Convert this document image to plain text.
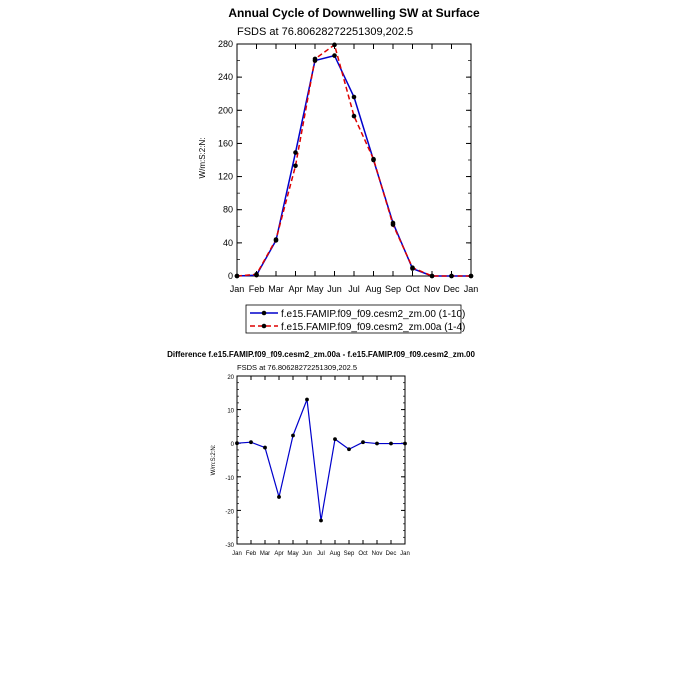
Annual Cycle of Downwelling SW at Surface
FSDS at 76.80628272251309,202.5
W/m:S:2:N:
0
40
80
120
160
200
240
280
Jan Feb Mar Apr May Jun Jul Aug Sep Oct Nov Dec Jan
f.e15.FAMIP.f09_f09.cesm2_zm.00 (1-10)
f.e15.FAMIP.f09_f09.cesm2_zm.00a (1-4)
Difference f.e15.FAMIP.f09_f09.cesm2_zm.00a - f.e15.FAMIP.f09_f09.cesm2_zm.00
FSDS at 76.80628272251309,202.5
W/m:S:2:N:
-30
-20
-10
0
10
20
Jan Feb Mar Apr May Jun Jul Aug Sep Oct Nov Dec Jan
